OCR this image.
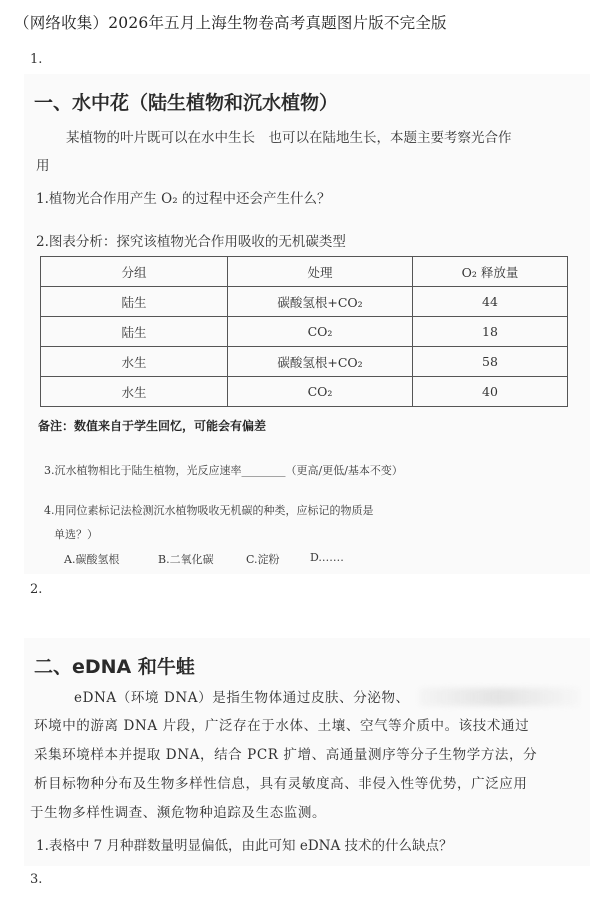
（网络收集）2026年五月上海生物卷高考真题图片版不完全版
1.
一、水中花（陆生植物和沉水植物）
某植物的叶片既可以在水中生长　也可以在陆地生长，本题主要考察光合作
用
1.植物光合作用产生 O₂ 的过程中还会产生什么？
2.图表分析：探究该植物光合作用吸收的无机碳类型
分组	处理	O₂ 释放量
陆生	碳酸氢根+CO₂	44
陆生	CO₂	18
水生	碳酸氢根+CO₂	58
水生	CO₂	40
备注：数值来自于学生回忆，可能会有偏差
3.沉水植物相比于陆生植物，光反应速率________（更高/更低/基本不变）
4.用同位素标记法检测沉水植物吸收无机碳的种类，应标记的物质是
单选？）
A.碳酸氢根	B.二氧化碳	C.淀粉	D.……
2.
二、eDNA 和牛蛙
eDNA（环境 DNA）是指生物体通过皮肤、分泌物、
环境中的游离 DNA 片段，广泛存在于水体、土壤、空气等介质中。该技术通过
采集环境样本并提取 DNA，结合 PCR 扩增、高通量测序等分子生物学方法，分
析目标物种分布及生物多样性信息，具有灵敏度高、非侵入性等优势，广泛应用
于生物多样性调查、濒危物种追踪及生态监测。
1.表格中 7 月种群数量明显偏低，由此可知 eDNA 技术的什么缺点？
3.
